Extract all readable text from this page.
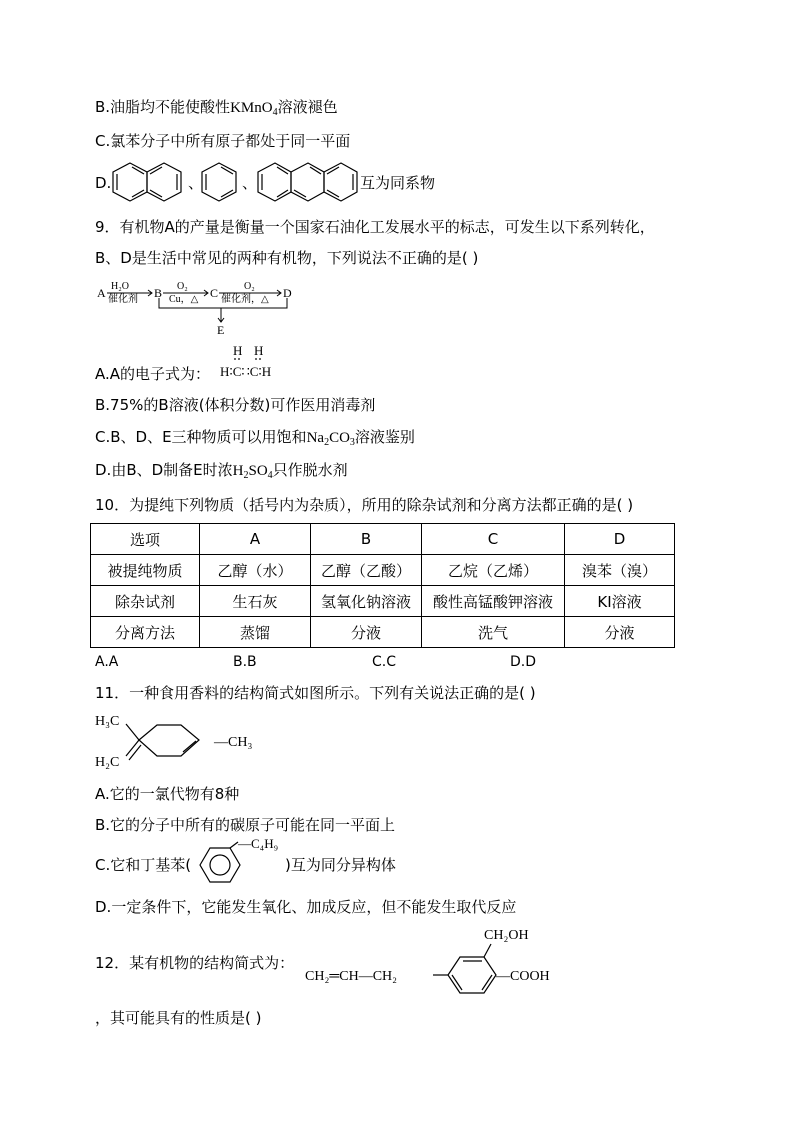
B.油脂均不能使酸性KMnO$_4$溶液褪色
C.氯苯分子中所有原子都处于同一平面
D.	、	、	互为同系物
9．有机物A的产量是衡量一个国家石油化工发展水平的标志，可发生以下系列转化，
B、D是生活中常见的两种有机物，下列说法不正确的是( )
A H₂O
催化剂 B O₂
Cu，△ C	O₂
催化剂，△ D
E
A.A的电子式为：
H H
H∶C∷C∶H
B.75%的B溶液(体积分数)可作医用消毒剂
C.B、D、E三种物质可以用饱和$Na_2CO_3$溶液鉴别
D.由B、D制备E时浓$H_2SO_4$只作脱水剂
10．为提纯下列物质（括号内为杂质），所用的除杂试剂和分离方法都正确的是( )
选项	A	B	C	D
被提纯物质	乙醇（水）	乙醇（乙酸）	乙烷（乙烯）	溴苯（溴）
除杂试剂	生石灰	氢氧化钠溶液	酸性高锰酸钾溶液	KI溶液
分离方法	蒸馏	分液	洗气	分液
A.A	B.B	C.C	D.D
11．一种食用香料的结构简式如图所示。下列有关说法正确的是( )
H₃C
H₂C
—CH₃
A.它的一氯代物有8种
B.它的分子中所有的碳原子可能在同一平面上
C.它和丁基苯(
—C₄H₉
)互为同分异构体
D.一定条件下，它能发生氧化、加成反应，但不能发生取代反应
12．某有机物的结构简式为：
CH₂═CH—CH₂
CH₂OH
—COOH
，其可能具有的性质是( )
